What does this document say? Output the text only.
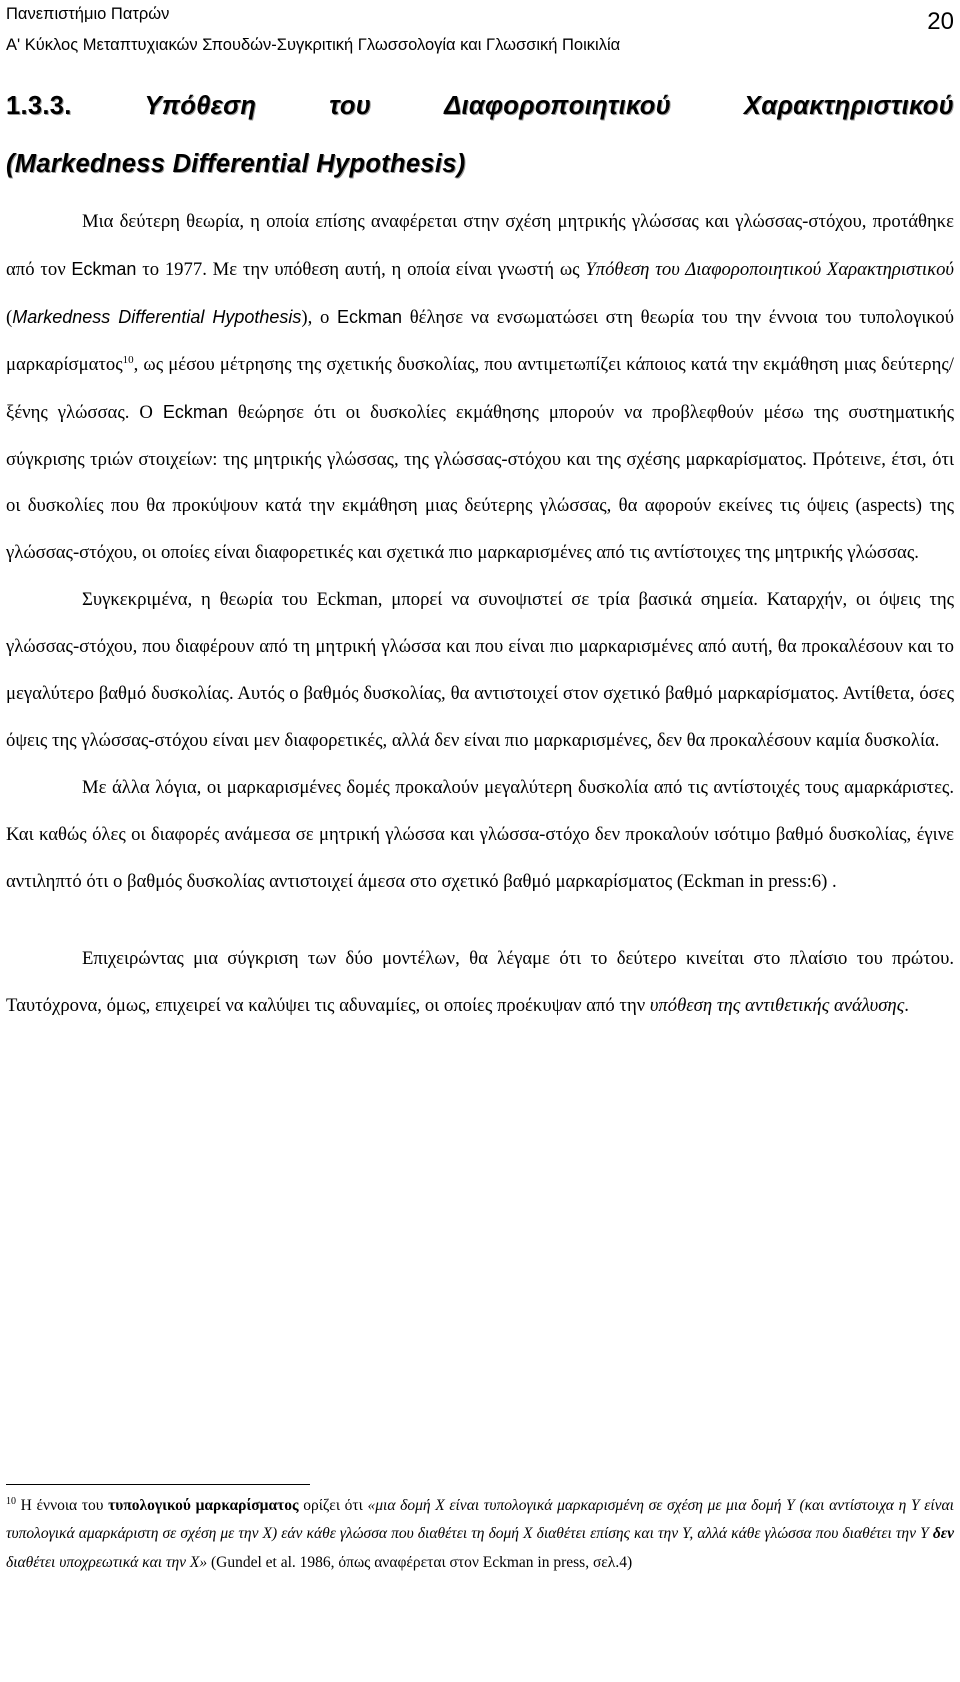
Πανεπιστήμιο Πατρών
Α' Κύκλος Μεταπτυχιακών Σπουδών-Συγκριτική Γλωσσολογία και Γλωσσική Ποικιλία
20
1.3.3.	Υπόθεση	του	Διαφοροποιητικού	Χαρακτηριστικού
(Markedness Differential Hypothesis)

Μια δεύτερη θεωρία, η οποία επίσης αναφέρεται στην σχέση μητρικής γλώσσας και γλώσσας-στόχου, προτάθηκε από τον Eckman το 1977. Με την υπόθεση αυτή, η οποία είναι γνωστή ως Υπόθεση του Διαφοροποιητικού Χαρακτηριστικού (Markedness Differential Hypothesis), ο Eckman θέλησε να ενσωματώσει στη θεωρία του την έννοια του τυπολογικού μαρκαρίσματος$^{10}$, ως μέσου μέτρησης της σχετικής δυσκολίας, που αντιμετωπίζει κάποιος κατά την εκμάθηση μιας δεύτερης/ ξένης γλώσσας. Ο Eckman θεώρησε ότι οι δυσκολίες εκμάθησης μπορούν να προβλεφθούν μέσω της συστηματικής σύγκρισης τριών στοιχείων: της μητρικής γλώσσας, της γλώσσας-στόχου και της σχέσης μαρκαρίσματος. Πρότεινε, έτσι, ότι οι δυσκολίες που θα προκύψουν κατά την εκμάθηση μιας δεύτερης γλώσσας, θα αφορούν εκείνες τις όψεις (aspects) της γλώσσας-στόχου, οι οποίες είναι διαφορετικές και σχετικά πιο μαρκαρισμένες από τις αντίστοιχες της μητρικής γλώσσας.

Συγκεκριμένα, η θεωρία του Eckman, μπορεί να συνοψιστεί σε τρία βασικά σημεία. Καταρχήν, οι όψεις της γλώσσας-στόχου, που διαφέρουν από τη μητρική γλώσσα και που είναι πιο μαρκαρισμένες από αυτή, θα προκαλέσουν και το μεγαλύτερο βαθμό δυσκολίας. Αυτός ο βαθμός δυσκολίας, θα αντιστοιχεί στον σχετικό βαθμό μαρκαρίσματος. Αντίθετα, όσες όψεις της γλώσσας-στόχου είναι μεν διαφορετικές, αλλά δεν είναι πιο μαρκαρισμένες, δεν θα προκαλέσουν καμία δυσκολία.

Με άλλα λόγια, οι μαρκαρισμένες δομές προκαλούν μεγαλύτερη δυσκολία από τις αντίστοιχές τους αμαρκάριστες. Και καθώς όλες οι διαφορές ανάμεσα σε μητρική γλώσσα και γλώσσα-στόχο δεν προκαλούν ισότιμο βαθμό δυσκολίας, έγινε αντιληπτό ότι ο βαθμός δυσκολίας αντιστοιχεί άμεσα στο σχετικό βαθμό μαρκαρίσματος (Eckman in press:6) .

Επιχειρώντας μια σύγκριση των δύο μοντέλων, θα λέγαμε ότι το δεύτερο κινείται στο πλαίσιο του πρώτου. Ταυτόχρονα, όμως, επιχειρεί να καλύψει τις αδυναμίες, οι οποίες προέκυψαν από την υπόθεση της αντιθετικής ανάλυσης.

$^{10}$ Η έννοια του τυπολογικού μαρκαρίσματος ορίζει ότι «μια δομή X είναι τυπολογικά μαρκαρισμένη σε σχέση με μια δομή Y (και αντίστοιχα η Y είναι τυπολογικά αμαρκάριστη σε σχέση με την X) εάν κάθε γλώσσα που διαθέτει τη δομή X διαθέτει επίσης και την Y, αλλά κάθε γλώσσα που διαθέτει την Y δεν διαθέτει υποχρεωτικά και την X» (Gundel et al. 1986, όπως αναφέρεται στον Eckman in press, σελ.4)
